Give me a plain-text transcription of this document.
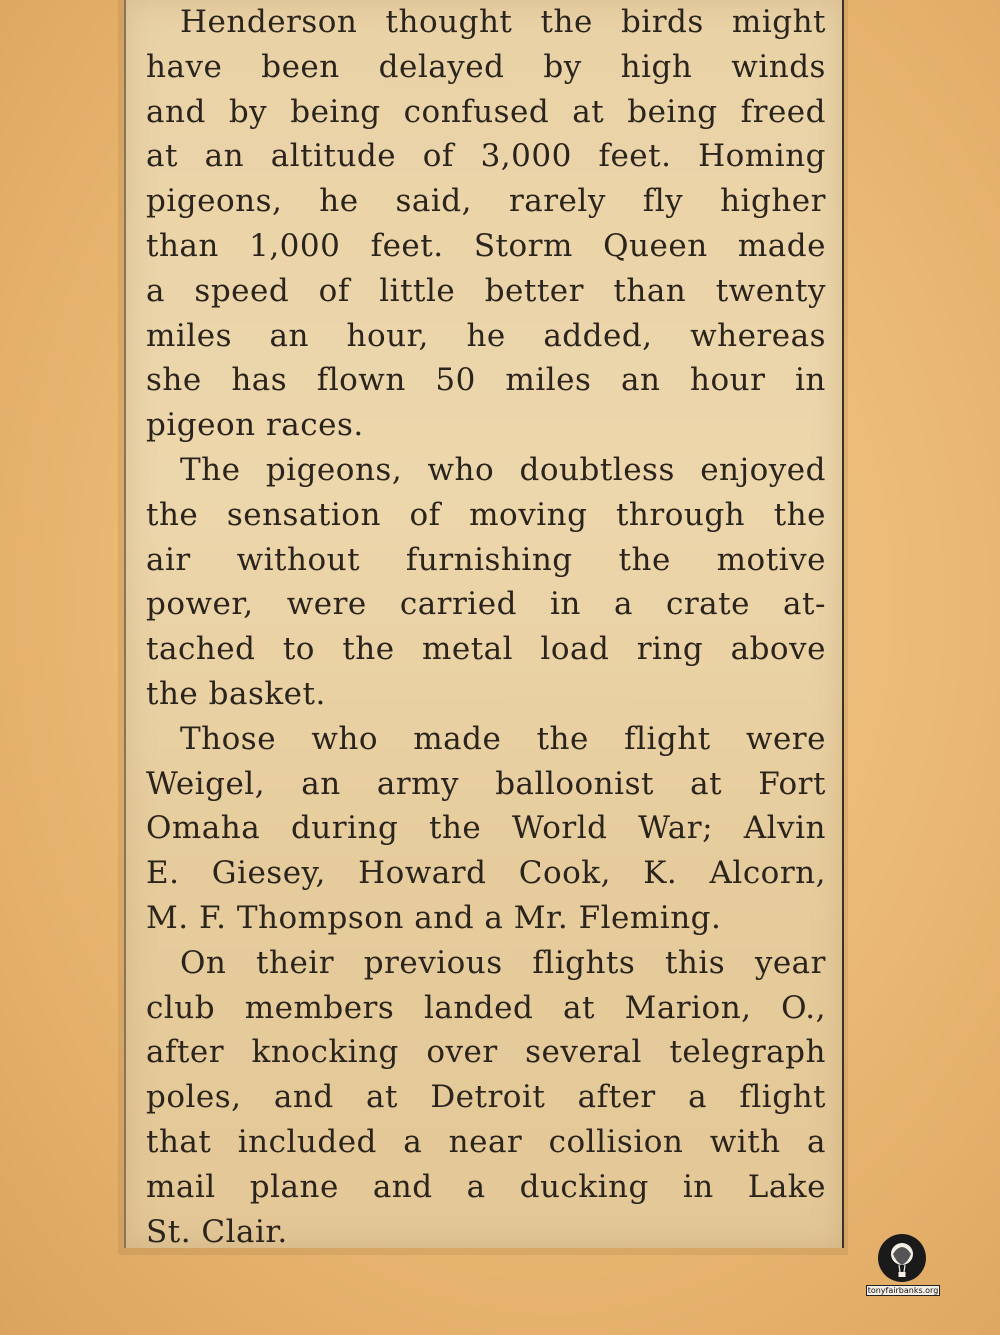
Henderson thought the birds might
have been delayed by high winds
and by being confused at being freed
at an altitude of 3,000 feet. Homing
pigeons, he said, rarely fly higher
than 1,000 feet. Storm Queen made
a speed of little better than twenty
miles an hour, he added, whereas
she has flown 50 miles an hour in
pigeon races.
The pigeons, who doubtless enjoyed
the sensation of moving through the
air without furnishing the motive
power, were carried in a crate at-
tached to the metal load ring above
the basket.
Those who made the flight were
Weigel, an army balloonist at Fort
Omaha during the World War; Alvin
E. Giesey, Howard Cook, K. Alcorn,
M. F. Thompson and a Mr. Fleming.
On their previous flights this year
club members landed at Marion, O.,
after knocking over several telegraph
poles, and at Detroit after a flight
that included a near collision with a
mail plane and a ducking in Lake
St. Clair.
tonyfairbanks.org
